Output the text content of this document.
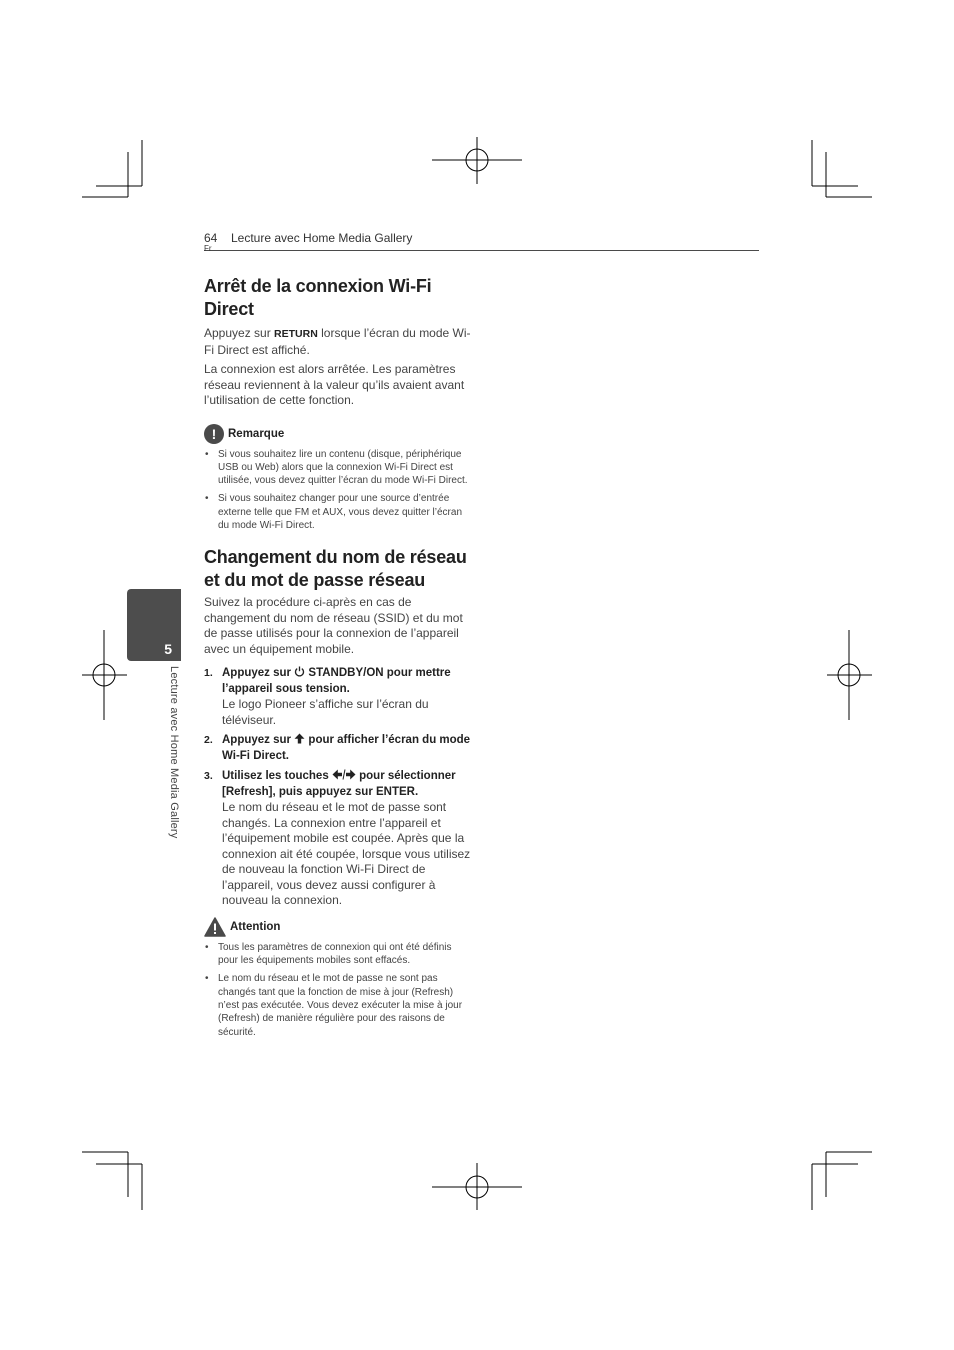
64
Fr
Lecture avec Home Media Gallery
5
Lecture avec Home Media Gallery
Arrêt de la connexion Wi-Fi Direct

Appuyez sur RETURN lorsque l’écran du mode Wi-Fi Direct est affiché.

La connexion est alors arrêtée. Les paramètres réseau reviennent à la valeur qu’ils avaient avant l’utilisation de cette fonction.

!	Remarque
• Si vous souhaitez lire un contenu (disque, périphérique USB ou Web) alors que la connexion Wi-Fi Direct est utilisée, vous devez quitter l’écran du mode Wi-Fi Direct.
• Si vous souhaitez changer pour une source d’entrée externe telle que FM et AUX, vous devez quitter l’écran du mode Wi-Fi Direct.
Changement du nom de réseau et du mot de passe réseau

Suivez la procédure ci-après en cas de changement du nom de réseau (SSID) et du mot de passe utilisés pour la connexion de l’appareil avec un équipement mobile.

1. Appuyez sur  STANDBY/ON pour mettre l’appareil sous tension.
Le logo Pioneer s’affiche sur l’écran du téléviseur.
2. Appuyez sur  pour afficher l’écran du mode Wi-Fi Direct.
3. Utilisez les touches  pour sélectionner [Refresh], puis appuyez sur ENTER.
Le nom du réseau et le mot de passe sont changés. La connexion entre l’appareil et l’équipement mobile est coupée. Après que la connexion ait été coupée, lorsque vous utilisez de nouveau la fonction Wi-Fi Direct de l’appareil, vous devez aussi configurer à nouveau la connexion.
Attention
• Tous les paramètres de connexion qui ont été définis pour les équipements mobiles sont effacés.
• Le nom du réseau et le mot de passe ne sont pas changés tant que la fonction de mise à jour (Refresh) n’est pas exécutée. Vous devez exécuter la mise à jour (Refresh) de manière régulière pour des raisons de sécurité.
